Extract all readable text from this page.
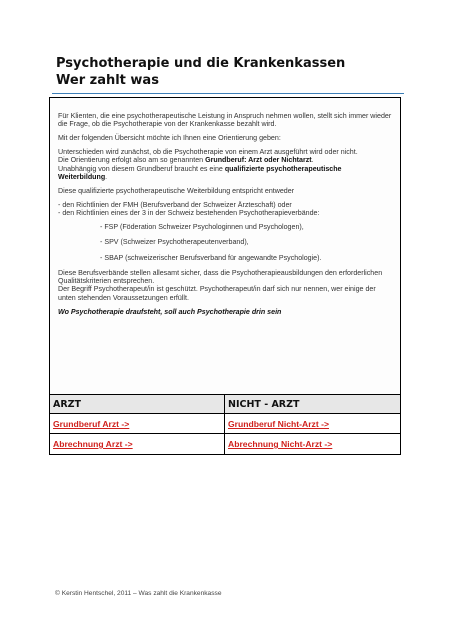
Psychotherapie und die Krankenkassen
Wer zahlt was

Für Klienten, die eine psychotherapeutische Leistung in Anspruch nehmen wollen, stellt sich immer wieder die Frage, ob die Psychotherapie von der Krankenkasse bezahlt wird.

Mit der folgenden Übersicht möchte ich Ihnen eine Orientierung geben:

Unterschieden wird zunächst, ob die Psychotherapie von einem Arzt ausgeführt wird oder nicht.

Die Orientierung erfolgt also am so genannten Grundberuf: Arzt oder Nichtarzt.

Unabhängig von diesem Grundberuf braucht es eine qualifizierte psychotherapeutische Weiterbildung.

Diese qualifizierte psychotherapeutische Weiterbildung entspricht entweder

- den Richtlinien der FMH (Berufsverband der Schweizer Ärzteschaft) oder

- den Richtlinien eines der 3 in der Schweiz bestehenden Psychotherapieverbände:

- FSP (Föderation Schweizer Psychologinnen und Psychologen),

- SPV (Schweizer Psychotherapeutenverband),

- SBAP (schweizerischer Berufsverband für angewandte Psychologie).

Diese Berufsverbände stellen allesamt sicher, dass die Psychotherapieausbildungen den erforderlichen Qualitätskriterien entsprechen.

Der Begriff Psychotherapeut/in ist geschützt. Psychotherapeut/in darf sich nur nennen, wer einige der unten stehenden Voraussetzungen erfüllt.

Wo Psychotherapie draufsteht, soll auch Psychotherapie drin sein

ARZT	NICHT - ARZT
Grundberuf Arzt ->	Grundberuf Nicht-Arzt ->
Abrechnung Arzt ->	Abrechnung Nicht-Arzt ->
© Kerstin Hentschel, 2011 – Was zahlt die Krankenkasse
